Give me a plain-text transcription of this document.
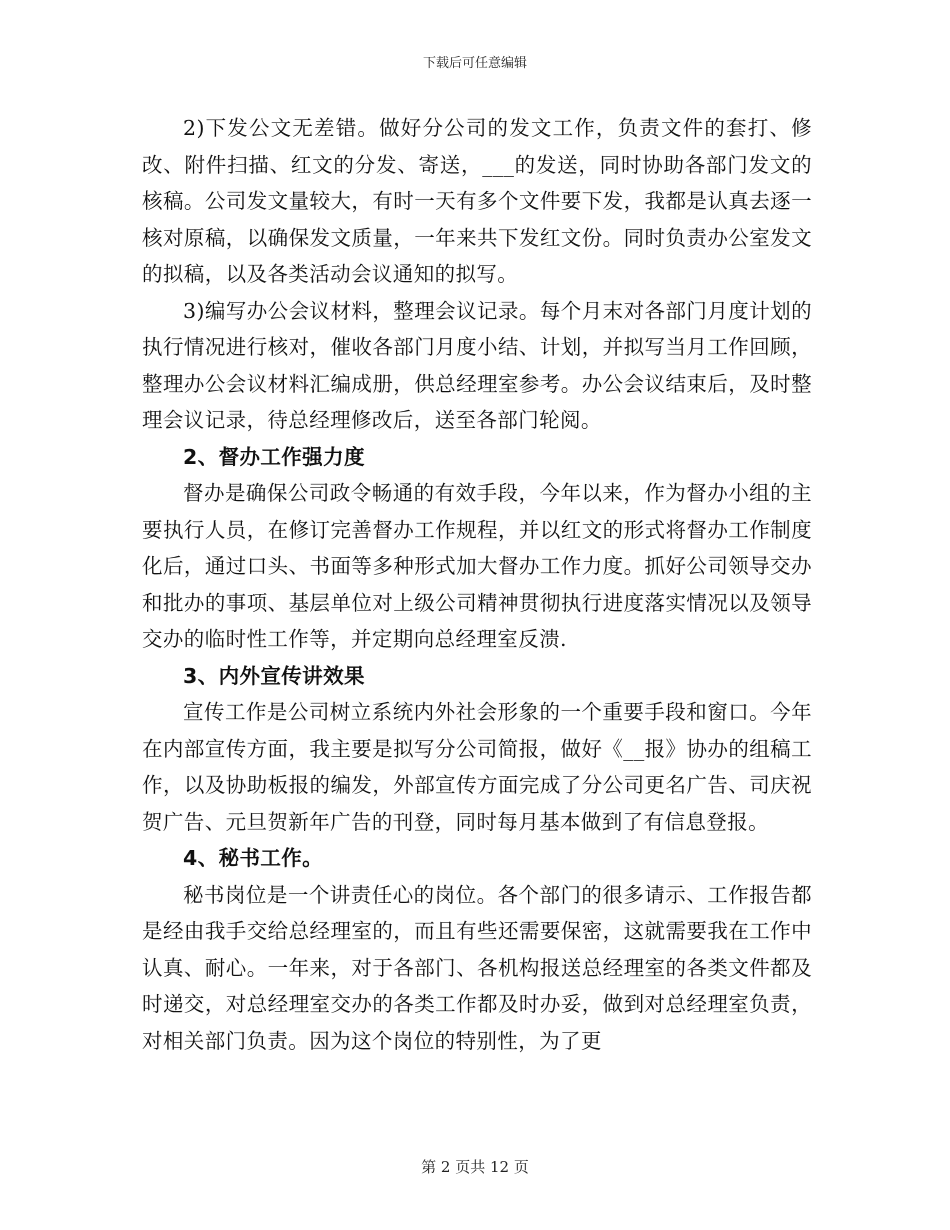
下载后可任意编辑

2)下发公文无差错。做好分公司的发文工作，负责文件的套打、修改、附件扫描、红文的分发、寄送，___的发送，同时协助各部门发文的核稿。公司发文量较大，有时一天有多个文件要下发，我都是认真去逐一核对原稿，以确保发文质量，一年来共下发红文份。同时负责办公室发文的拟稿，以及各类活动会议通知的拟写。

3)编写办公会议材料，整理会议记录。每个月末对各部门月度计划的执行情况进行核对，催收各部门月度小结、计划，并拟写当月工作回顾，整理办公会议材料汇编成册，供总经理室参考。办公会议结束后，及时整理会议记录，待总经理修改后，送至各部门轮阅。

2、督办工作强力度

督办是确保公司政令畅通的有效手段，今年以来，作为督办小组的主要执行人员，在修订完善督办工作规程，并以红文的形式将督办工作制度化后，通过口头、书面等多种形式加大督办工作力度。抓好公司领导交办和批办的事项、基层单位对上级公司精神贯彻执行进度落实情况以及领导交办的临时性工作等，并定期向总经理室反溃.

3、内外宣传讲效果

宣传工作是公司树立系统内外社会形象的一个重要手段和窗口。今年在内部宣传方面，我主要是拟写分公司简报，做好《__报》协办的组稿工作，以及协助板报的编发，外部宣传方面完成了分公司更名广告、司庆祝贺广告、元旦贺新年广告的刊登，同时每月基本做到了有信息登报。

4、秘书工作。

秘书岗位是一个讲责任心的岗位。各个部门的很多请示、工作报告都是经由我手交给总经理室的，而且有些还需要保密，这就需要我在工作中认真、耐心。一年来，对于各部门、各机构报送总经理室的各类文件都及时递交，对总经理室交办的各类工作都及时办妥，做到对总经理室负责，对相关部门负责。因为这个岗位的特别性，为了更

第 2 页共 12 页
